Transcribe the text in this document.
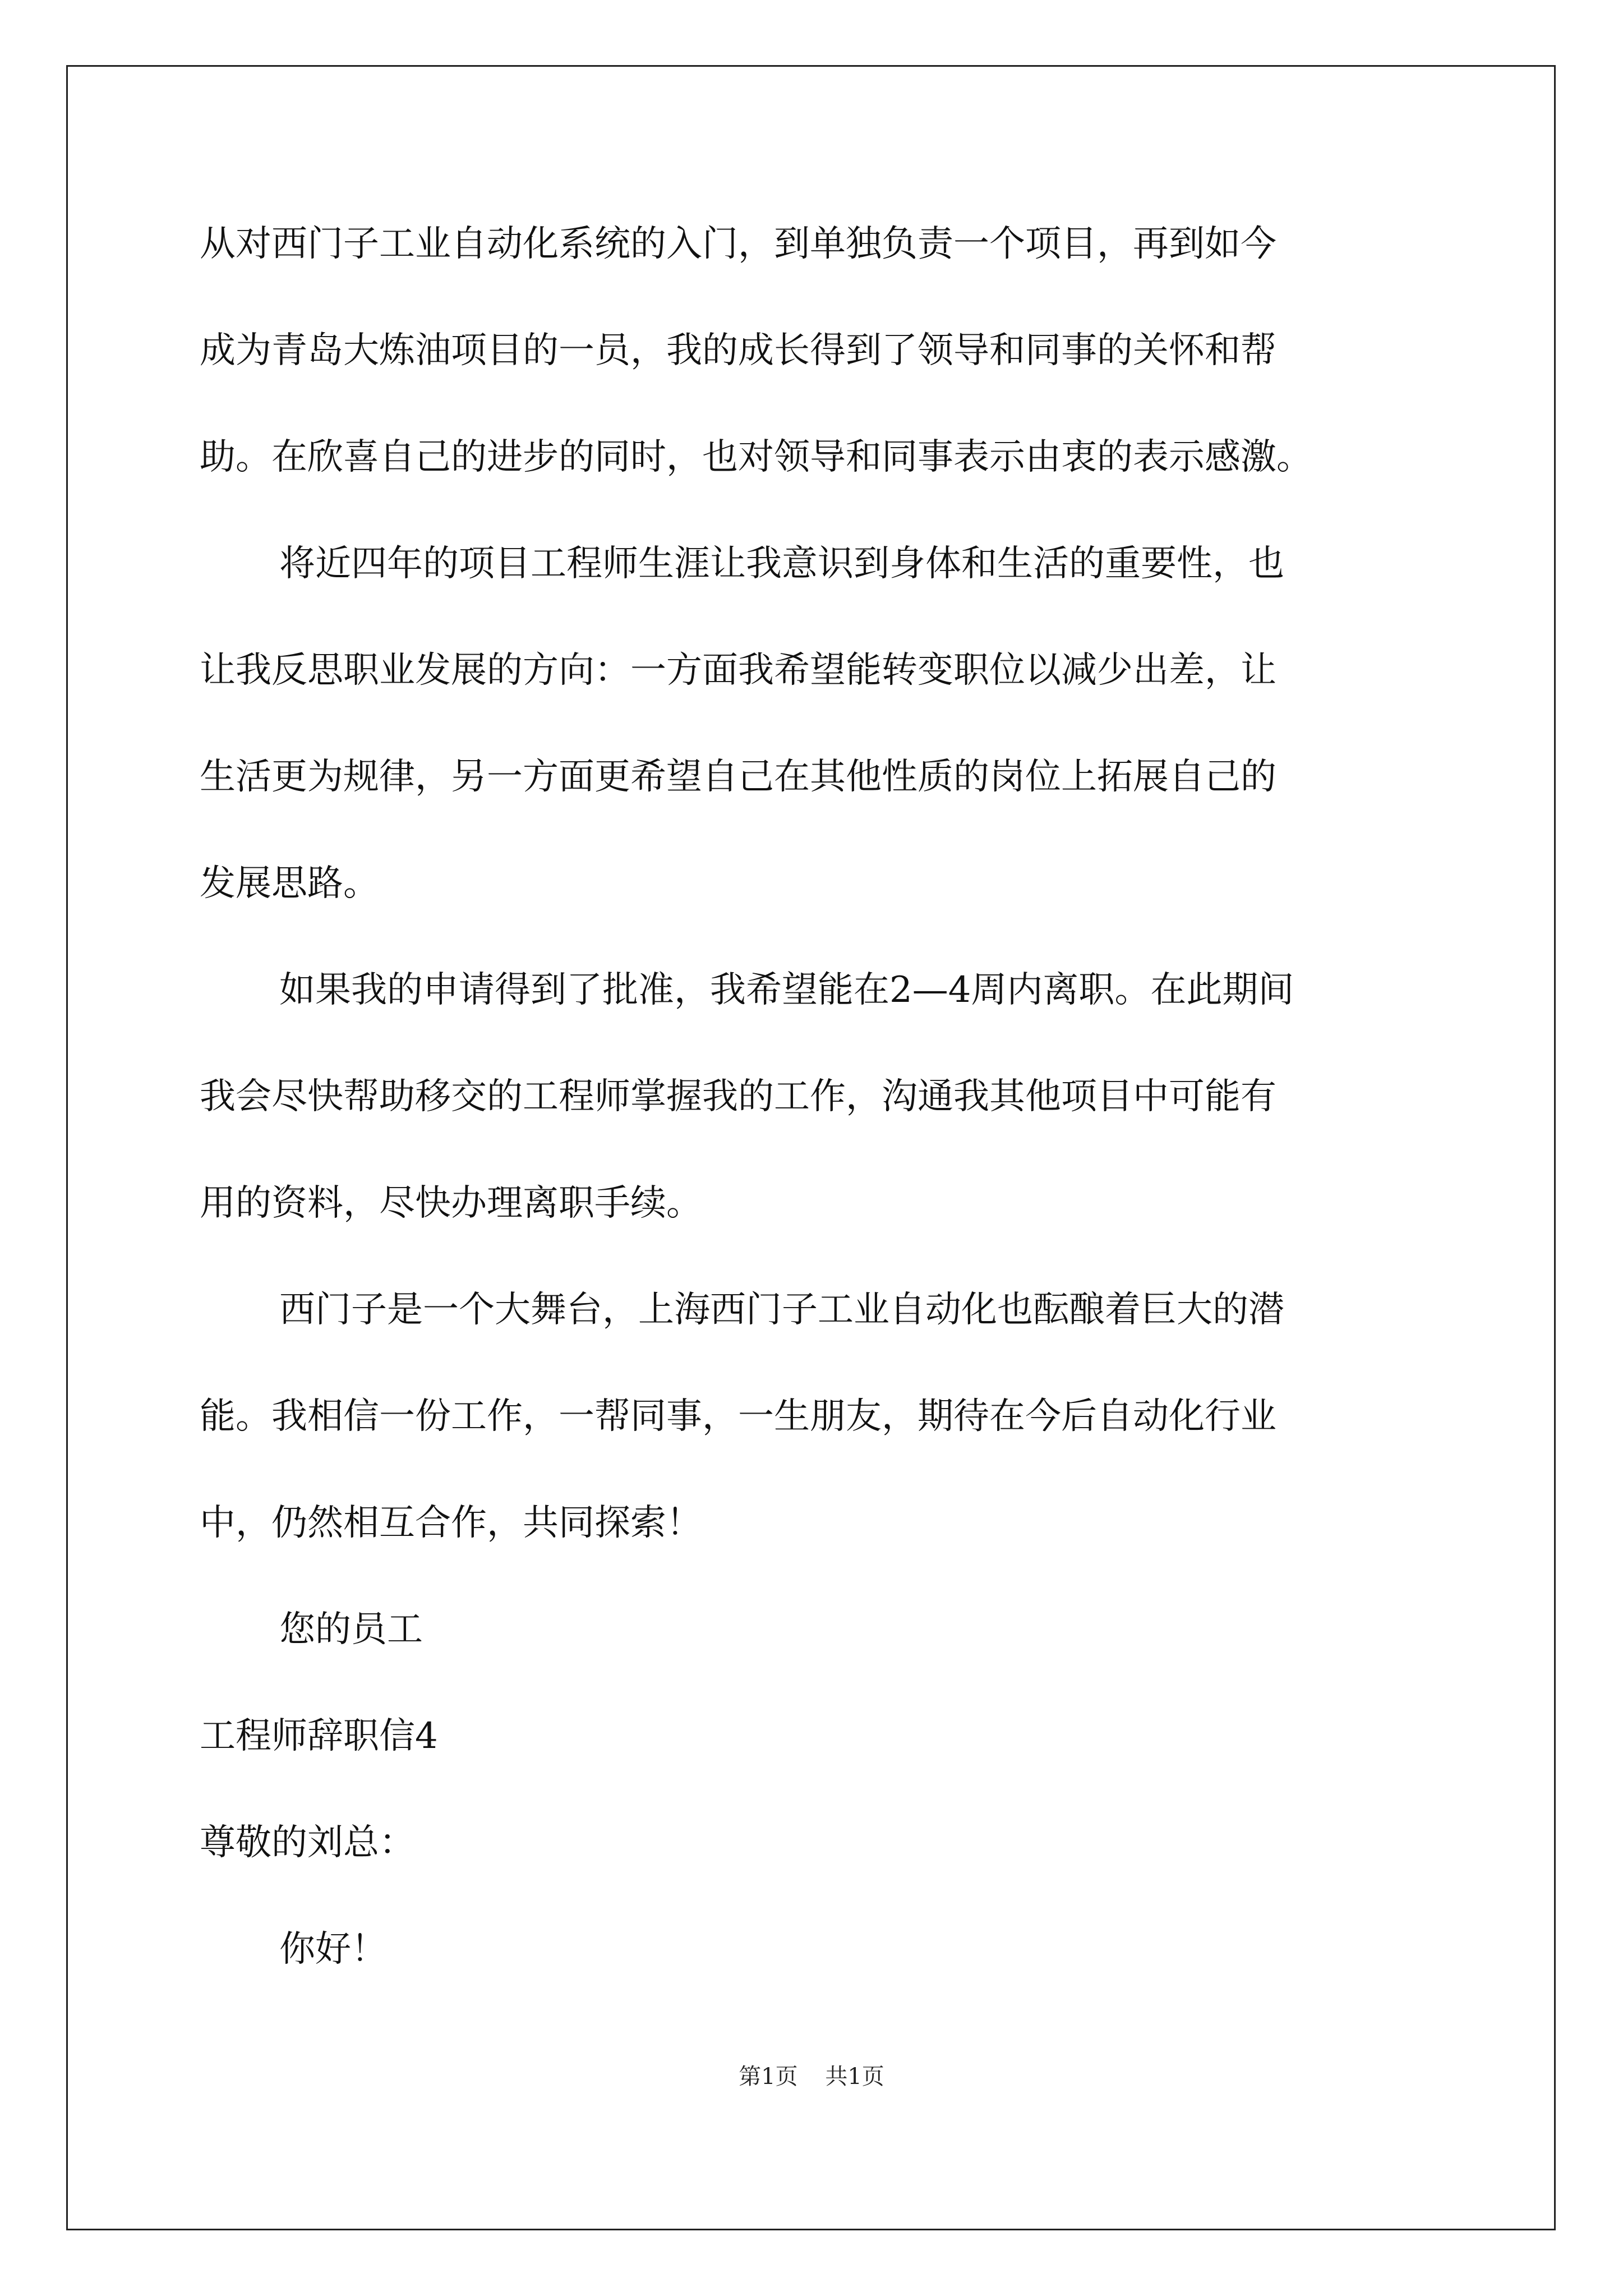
从对西门子工业自动化系统的入门，到单独负责一个项目，再到如今
成为青岛大炼油项目的一员，我的成长得到了领导和同事的关怀和帮
助。在欣喜自己的进步的同时，也对领导和同事表示由衷的表示感激。
将近四年的项目工程师生涯让我意识到身体和生活的重要性，也
让我反思职业发展的方向：一方面我希望能转变职位以减少出差，让
生活更为规律，另一方面更希望自己在其他性质的岗位上拓展自己的
发展思路。
如果我的申请得到了批准，我希望能在2—4周内离职。在此期间
我会尽快帮助移交的工程师掌握我的工作，沟通我其他项目中可能有
用的资料，尽快办理离职手续。
西门子是一个大舞台，上海西门子工业自动化也酝酿着巨大的潜
能。我相信一份工作，一帮同事，一生朋友，期待在今后自动化行业
中，仍然相互合作，共同探索！
您的员工
工程师辞职信4
尊敬的刘总：
你好！
第1页 共1页
